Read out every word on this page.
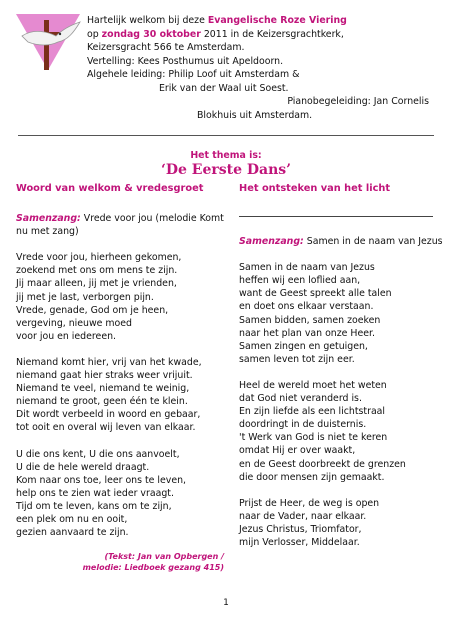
Hartelijk welkom bij deze Evangelische Roze Viering

op zondag 30 oktober 2011 in de Keizersgrachtkerk,

Keizersgracht 566 te Amsterdam.

Vertelling: Kees Posthumus uit Apeldoorn.

Algehele leiding: Philip Loof uit Amsterdam &

Erik van der Waal uit Soest.

Pianobegeleiding: Jan Cornelis

Blokhuis uit Amsterdam.

Het thema is:
‘De Eerste Dans’
Woord van welkom & vredesgroet

Samenzang: Vrede voor jou (melodie Komt nu met zang)

Vrede voor jou, hierheen gekomen,

zoekend met ons om mens te zijn.

Jij maar alleen, jij met je vrienden,

jij met je last, verborgen pijn.

Vrede, genade, God om je heen,

vergeving, nieuwe moed

voor jou en iedereen.

Niemand komt hier, vrij van het kwade,

niemand gaat hier straks weer vrijuit.

Niemand te veel, niemand te weinig,

niemand te groot, geen één te klein.

Dit wordt verbeeld in woord en gebaar,

tot ooit en overal wij leven van elkaar.

U die ons kent, U die ons aanvoelt,

U die de hele wereld draagt.

Kom naar ons toe, leer ons te leven,

help ons te zien wat ieder vraagt.

Tijd om te leven, kans om te zijn,

een plek om nu en ooit,

gezien aanvaard te zijn.

(Tekst: Jan van Opbergen /
melodie: Liedboek gezang 415)
Het ontsteken van het licht

Samenzang: Samen in de naam van Jezus

Samen in de naam van Jezus

heffen wij een loflied aan,

want de Geest spreekt alle talen

en doet ons elkaar verstaan.

Samen bidden, samen zoeken

naar het plan van onze Heer.

Samen zingen en getuigen,

samen leven tot zijn eer.

Heel de wereld moet het weten

dat God niet veranderd is.

En zijn liefde als een lichtstraal

doordringt in de duisternis.

't Werk van God is niet te keren

omdat Hij er over waakt,

en de Geest doorbreekt de grenzen

die door mensen zijn gemaakt.

Prijst de Heer, de weg is open

naar de Vader, naar elkaar.

Jezus Christus, Triomfator,

mijn Verlosser, Middelaar.

1
